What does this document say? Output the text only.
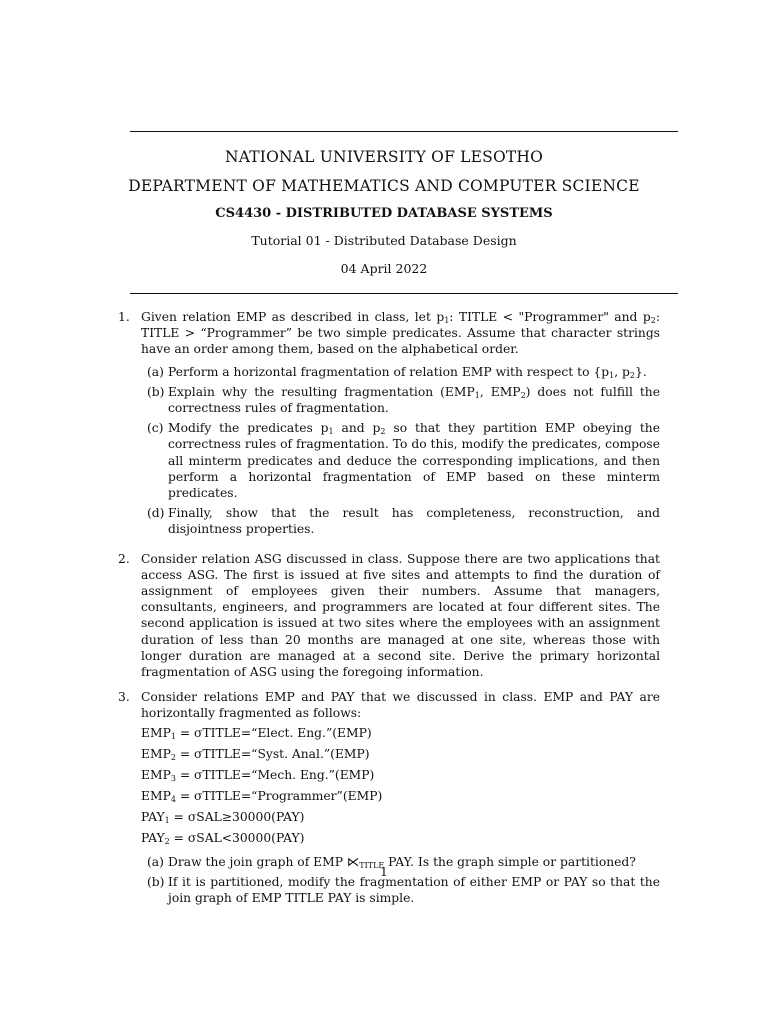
NATIONAL UNIVERSITY OF LESOTHO
DEPARTMENT OF MATHEMATICS AND COMPUTER SCIENCE
CS4430 - DISTRIBUTED DATABASE SYSTEMS
Tutorial 01 - Distributed Database Design
04 April 2022
1. Given relation EMP as described in class, let $p_1$: TITLE < "Programmer" and $p_2$: TITLE > “Programmer” be two simple predicates. Assume that character strings have an order among them, based on the alphabetical order.
(a) Perform a horizontal fragmentation of relation EMP with respect to {$p_1$, $p_2$}.
(b) Explain why the resulting fragmentation ($EMP_1$, $EMP_2$) does not fulfill the correctness rules of fragmentation.
(c) Modify the predicates $p_1$ and $p_2$ so that they partition EMP obeying the correctness rules of fragmentation. To do this, modify the predicates, compose all minterm predicates and deduce the corresponding implications, and then perform a horizontal fragmentation of EMP based on these minterm predicates.
(d) Finally, show that the result has completeness, reconstruction, and disjointness properties.
2. Consider relation ASG discussed in class. Suppose there are two applications that access ASG. The first is issued at five sites and attempts to find the duration of assignment of employees given their numbers. Assume that managers, consultants, engineers, and programmers are located at four different sites. The second application is issued at two sites where the employees with an assignment duration of less than 20 months are managed at one site, whereas those with longer duration are managed at a second site. Derive the primary horizontal fragmentation of ASG using the foregoing information.
3. Consider relations EMP and PAY that we discussed in class. EMP and PAY are horizontally fragmented as follows:
$EMP_1$ = σTITLE=“Elect. Eng.”(EMP)
$EMP_2$ = σTITLE=“Syst. Anal.”(EMP)
$EMP_3$ = σTITLE=“Mech. Eng.”(EMP)
$EMP_4$ = σTITLE=“Programmer”(EMP)
$PAY_1 = \sigma SAL\ge 30000(PAY)$
$PAY_2 = \sigma SAL<30000(PAY)$
(a) Draw the join graph of EMP $⋉_{TITLE}$ PAY. Is the graph simple or partitioned?
(b) If it is partitioned, modify the fragmentation of either EMP or PAY so that the join graph of EMP TITLE PAY is simple.
1
